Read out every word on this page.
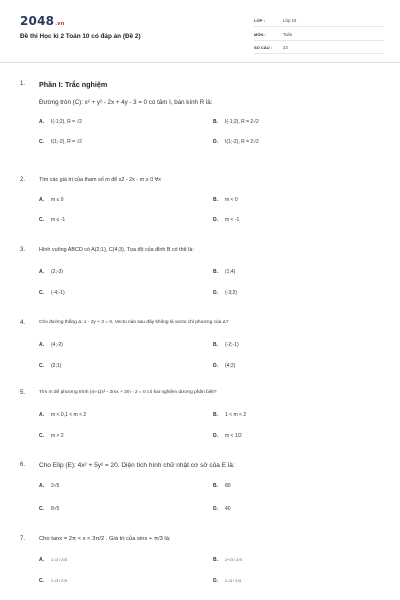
2048.vn
Đề thi Học kì 2 Toán 10 có đáp án (Đề 2)
LỚP :	Lớp 10
MÔN :	Toán
SỐ CÂU :	23
1. Phần I: Trắc nghiệm
Đường tròn (C): x² + y² - 2x + 4y - 3 = 0 có tâm I, bán kính R là:
A. I(-1;2), R = √2	B. I(-1;2), R = 2√2
C. I(1;-2), R = √2	D. I(1;-2), R = 2√2
2.	Tìm các giá trị của tham số m để x2 - 2x - m ≥ 0 ∀x
A. m ≤ 0	B. m < 0
C. m ≤ -1	D. m < -1
3.	Hình vuông ABCD có A(2;1), C(4;3). Tọa độ của đỉnh B có thể là:
A. (2;-3)	B. (1;4)
C. (-4;-1)	D. (-3;2)
4.	Cho đường thẳng Δ: x - 2y + 3 = 0. Vecto nào sau đây không là vecto chỉ phương của Δ?
A. (4;-2)	B. (-2;-1)
C. (2;1)	D. (4;2)
5.	Tìm m để phương trình (m-1)x² - 2mx + 3m - 2 = 0 có hai nghiệm dương phân biệt?
A. m < 0,1 < m < 2	B. 1 < m < 2
C. m > 2	D. m < 1/2
6. Cho Elip (E): 4x² + 5y² = 20. Diện tích hình chữ nhật cơ sở của E là:
A. 2√5	B. 80
C. 8√5	D. 40
7. Cho tanx = 2π < x < 3π/2 . Giá trị của sinx + π/3 là:
A. 2-√3 / 2√5	B. 2+√3 / 2√5
C. 2-√3 / 2√5	D. 2-√3 / 2√5
